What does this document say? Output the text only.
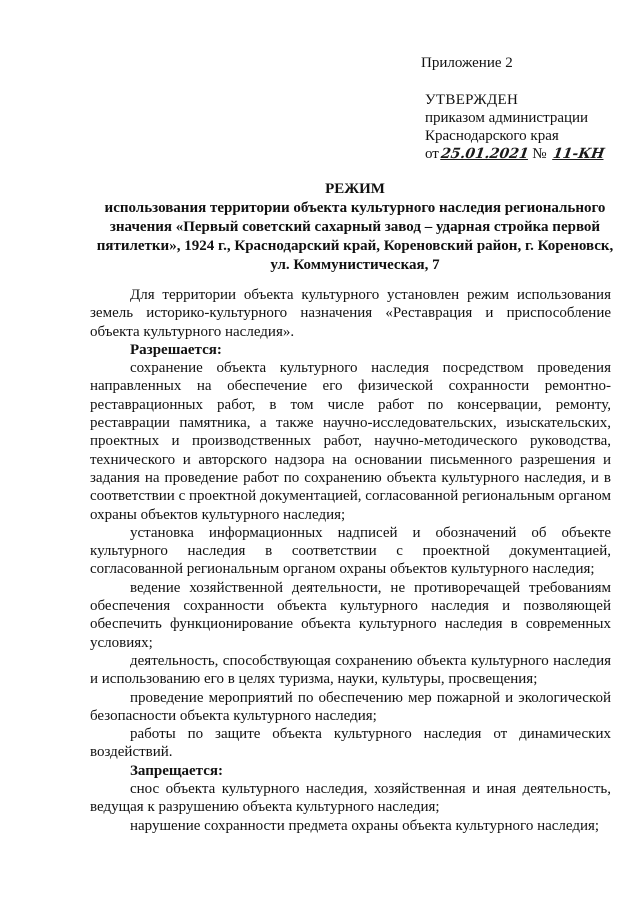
Приложение 2
УТВЕРЖДЕН
приказом администрации
Краснодарского края
от25.01.2021 № 11-КН
РЕЖИМ
использования территории объекта культурного наследия регионального значения «Первый советский сахарный завод – ударная стройка первой пятилетки», 1924 г., Краснодарский край, Кореновский район, г. Кореновск, ул. Коммунистическая, 7

Для территории объекта культурного установлен режим использования земель историко-культурного назначения «Реставрация и приспособление объекта культурного наследия».

Разрешается:

сохранение объекта культурного наследия посредством проведения направленных на обеспечение его физической сохранности ремонтно-реставрационных работ, в том числе работ по консервации, ремонту, реставрации памятника, а также научно-исследовательских, изыскательских, проектных и производственных работ, научно-методического руководства, технического и авторского надзора на основании письменного разрешения и задания на проведение работ по сохранению объекта культурного наследия, и в соответствии с проектной документацией, согласованной региональным органом охраны объектов культурного наследия;

установка информационных надписей и обозначений об объекте культурного наследия в соответствии с проектной документацией, согласованной региональным органом охраны объектов культурного наследия;

ведение хозяйственной деятельности, не противоречащей требованиям обеспечения сохранности объекта культурного наследия и позволяющей обеспечить функционирование объекта культурного наследия в современных условиях;

деятельность, способствующая сохранению объекта культурного наследия и использованию его в целях туризма, науки, культуры, просвещения;

проведение мероприятий по обеспечению мер пожарной и экологической безопасности объекта культурного наследия;

работы по защите объекта культурного наследия от динамических воздействий.

Запрещается:

снос объекта культурного наследия, хозяйственная и иная деятельность, ведущая к разрушению объекта культурного наследия;

нарушение сохранности предмета охраны объекта культурного наследия;
